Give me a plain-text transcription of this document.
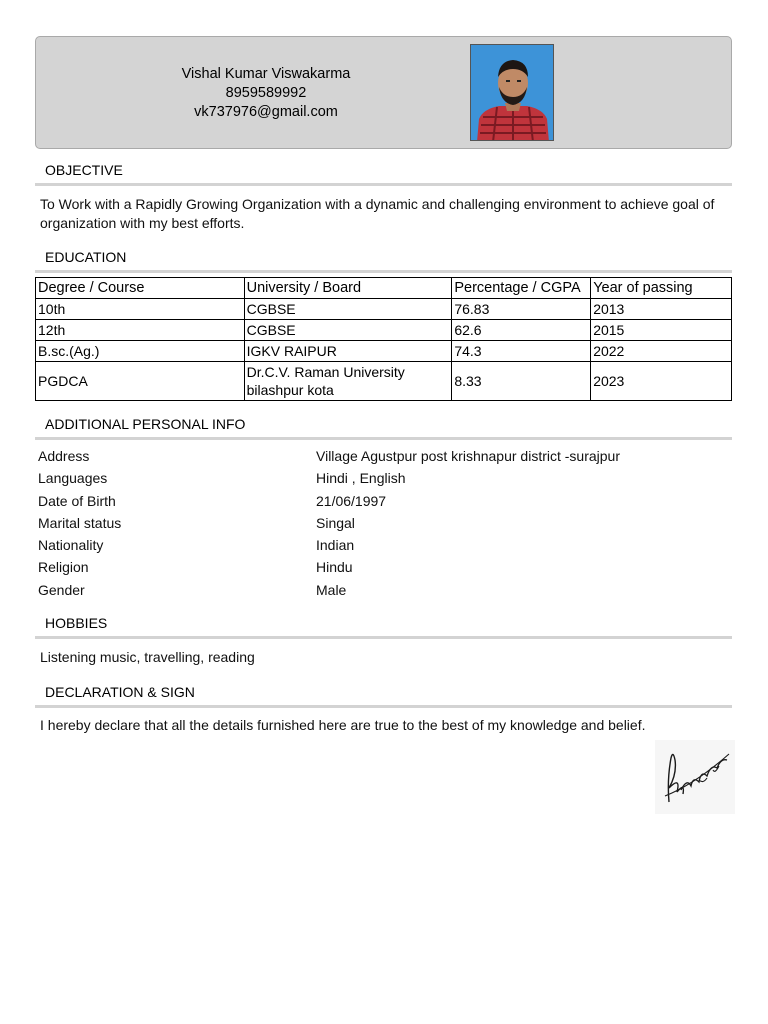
Vishal Kumar Viswakarma
8959589992
vk737976@gmail.com
OBJECTIVE
To Work with a Rapidly Growing Organization with a dynamic and challenging environment to achieve goal of organization with my best efforts.
EDUCATION
Degree / Course	University / Board	Percentage / CGPA	Year of passing
10th	CGBSE	76.83	2013
12th	CGBSE	62.6	2015
B.sc.(Ag.)	IGKV RAIPUR	74.3	2022
PGDCA	Dr.C.V. Raman University bilashpur kota	8.33	2023
ADDITIONAL PERSONAL INFO
Address	Village Agustpur post krishnapur district -surajpur
Languages	Hindi , English
Date of Birth	21/06/1997
Marital status	Singal
Nationality	Indian
Religion	Hindu
Gender	Male
HOBBIES
Listening music, travelling, reading
DECLARATION & SIGN
I hereby declare that all the details furnished here are true to the best of my knowledge and belief.
